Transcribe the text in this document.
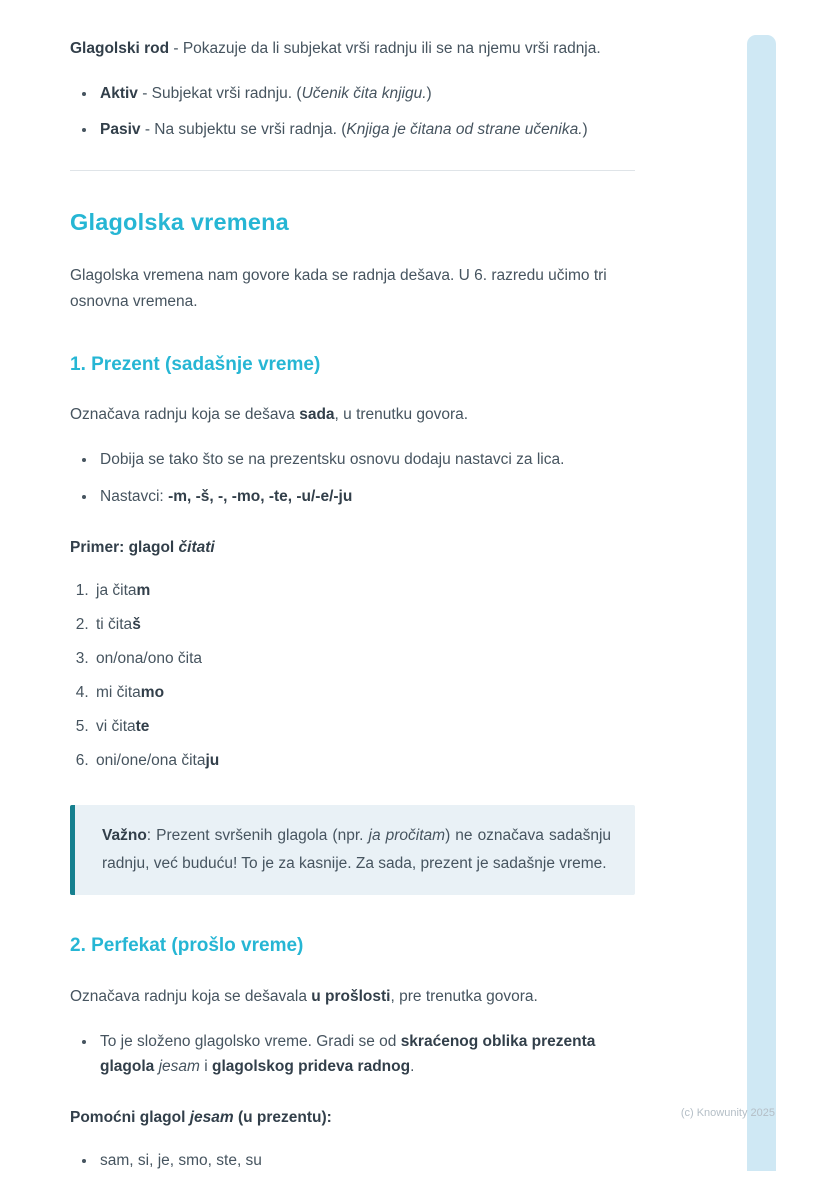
Glagolski rod - Pokazuje da li subjekat vrši radnju ili se na njemu vrši radnja.

• Aktiv - Subjekat vrši radnju. (Učenik čita knjigu.)
• Pasiv - Na subjektu se vrši radnja. (Knjiga je čitana od strane učenika.)
Glagolska vremena

Glagolska vremena nam govore kada se radnja dešava. U 6. razredu učimo tri osnovna vremena.

1. Prezent (sadašnje vreme)

Označava radnju koja se dešava sada, u trenutku govora.

• Dobija se tako što se na prezentsku osnovu dodaju nastavci za lica.
• Nastavci: -m, -š, -, -mo, -te, -u/-e/-ju

Primer: glagol čitati

1. ja čitam
2. ti čitaš
3. on/ona/ono čita
4. mi čitamo
5. vi čitate
6. oni/one/ona čitaju
Važno: Prezent svršenih glagola (npr. ja pročitam) ne označava sadašnju radnju, već buduću! To je za kasnije. Za sada, prezent je sadašnje vreme.
2. Perfekat (prošlo vreme)

Označava radnju koja se dešavala u prošlosti, pre trenutka govora.

• To je složeno glagolsko vreme. Gradi se od skraćenog oblika prezenta glagola jesam i glagolskog prideva radnog.

Pomoćni glagol jesam (u prezentu):

• sam, si, je, smo, ste, su
(c) Knowunity 2025
